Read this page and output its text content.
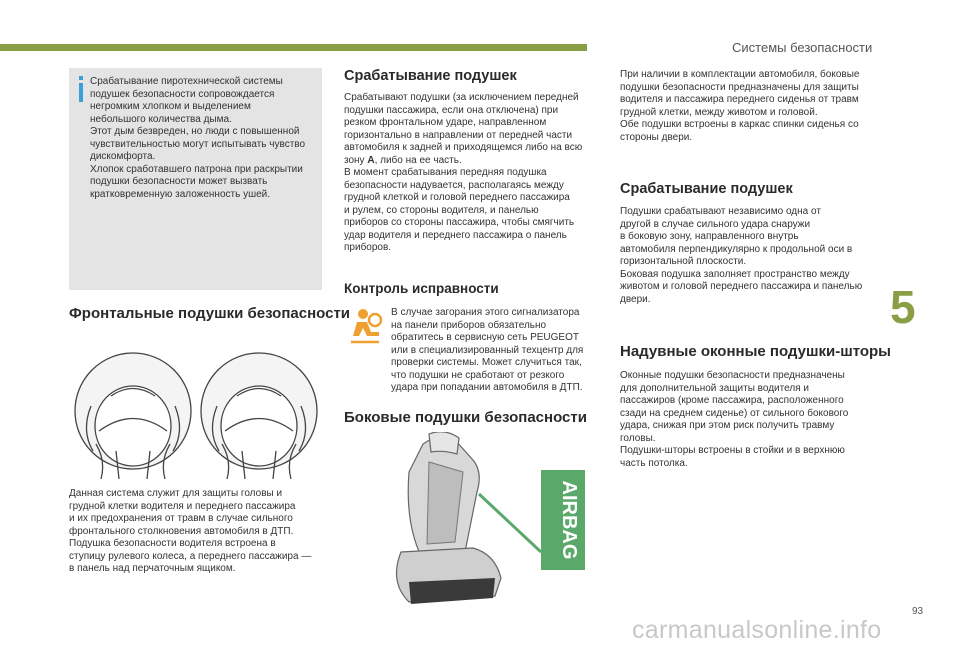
Системы безопасности
Срабатывание пиротехнической системы
подушек безопасности сопровождается
негромким хлопком и выделением
небольшого количества дыма.
Этот дым безвреден, но люди с повышенной
чувствительностью могут испытывать чувство
дискомфорта.
Хлопок сработавшего патрона при раскрытии
подушки безопасности может вызвать
кратковременную заложенность ушей.
Фронтальные подушки безопасности
Данная система служит для защиты головы и
грудной клетки водителя и переднего пассажира
и их предохранения от травм в случае сильного
фронтального столкновения автомобиля в ДТП.
Подушка безопасности водителя встроена в
ступицу рулевого колеса, а переднего пассажира —
в панель над перчаточным ящиком.
Срабатывание подушек
Срабатывают подушки (за исключением передней
подушки пассажира, если она отключена) при
резком фронтальном ударе, направленном
горизонтально в направлении от передней части
автомобиля к задней и приходящемся либо на всю
зону A, либо на ее часть.
В момент срабатывания передняя подушка
безопасности надувается, располагаясь между
грудной клеткой и головой переднего пассажира
и рулем, со стороны водителя, и панелью
приборов со стороны пассажира, чтобы смягчить
удар водителя и переднего пассажира о панель
приборов.
Контроль исправности
В случае загорания этого сигнализатора
на панели приборов обязательно
обратитесь в сервисную сеть PEUGEOT
или в специализированный техцентр для
проверки системы. Может случиться так,
что подушки не сработают от резкого
удара при попадании автомобиля в ДТП.
Боковые подушки безопасности
AIRBAG
При наличии в комплектации автомобиля, боковые
подушки безопасности предназначены для защиты
водителя и пассажира переднего сиденья от травм
грудной клетки, между животом и головой.
Обе подушки встроены в каркас спинки сиденья со
стороны двери.
Срабатывание подушек
Подушки срабатывают независимо одна от
другой в случае сильного удара снаружи
в боковую зону, направленного внутрь
автомобиля перпендикулярно к продольной оси в
горизонтальной плоскости.
Боковая подушка заполняет пространство между
животом и головой переднего пассажира и панелью
двери.
Надувные оконные подушки-шторы
Оконные подушки безопасности предназначены
для дополнительной защиты водителя и
пассажиров (кроме пассажира, расположенного
сзади на среднем сиденье) от сильного бокового
удара, снижая при этом риск получить травму
головы.
Подушки-шторы встроены в стойки и в верхнюю
часть потолка.
5
93
carmanualsonline.info
